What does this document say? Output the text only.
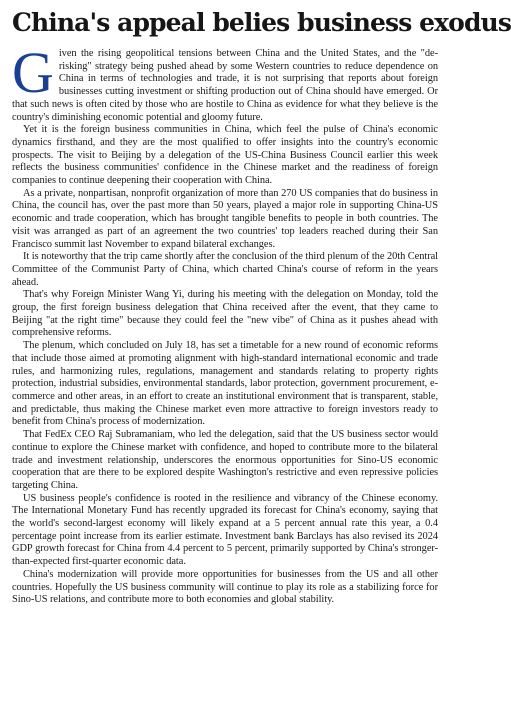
China's appeal belies business exodus

Given the rising geopolitical tensions between China and the United States, and the "de-risking" strategy being pushed ahead by some Western countries to reduce dependence on China in terms of technologies and trade, it is not surprising that reports about foreign businesses cutting investment or shifting production out of China should have emerged. Or that such news is often cited by those who are hostile to China as evidence for what they believe is the country's diminishing economic potential and gloomy future.

Yet it is the foreign business communities in China, which feel the pulse of China's economic dynamics firsthand, and they are the most qualified to offer insights into the country's economic prospects. The visit to Beijing by a delegation of the US-China Business Council earlier this week reflects the business communities' confidence in the Chinese market and the readiness of foreign companies to continue deepening their cooperation with China.

As a private, nonpartisan, nonprofit organization of more than 270 US companies that do business in China, the council has, over the past more than 50 years, played a major role in supporting China-US economic and trade cooperation, which has brought tangible benefits to people in both countries. The visit was arranged as part of an agreement the two countries' top leaders reached during their San Francisco summit last November to expand bilateral exchanges.

It is noteworthy that the trip came shortly after the conclusion of the third plenum of the 20th Central Committee of the Communist Party of China, which charted China's course of reform in the years ahead.

That's why Foreign Minister Wang Yi, during his meeting with the delegation on Monday, told the group, the first foreign business delegation that China received after the event, that they came to Beijing "at the right time" because they could feel the "new vibe" of China as it pushes ahead with comprehensive reforms.

The plenum, which concluded on July 18, has set a timetable for a new round of economic reforms that include those aimed at promoting alignment with high-standard international economic and trade rules, and harmonizing rules, regulations, management and standards relating to property rights protection, industrial subsidies, environmental standards, labor protection, government procurement, e-commerce and other areas, in an effort to create an institutional environment that is transparent, stable, and predictable, thus making the Chinese market even more attractive to foreign investors ready to benefit from China's process of modernization.

That FedEx CEO Raj Subramaniam, who led the delegation, said that the US business sector would continue to explore the Chinese market with confidence, and hoped to contribute more to the bilateral trade and investment relationship, underscores the enormous opportunities for Sino-US economic cooperation that are there to be explored despite Washington's restrictive and even repressive policies targeting China.

US business people's confidence is rooted in the resilience and vibrancy of the Chinese economy. The International Monetary Fund has recently upgraded its forecast for China's economy, saying that the world's second-largest economy will likely expand at a 5 percent annual rate this year, a 0.4 percentage point increase from its earlier estimate. Investment bank Barclays has also revised its 2024 GDP growth forecast for China from 4.4 percent to 5 percent, primarily supported by China's stronger-than-expected first-quarter economic data.

China's modernization will provide more opportunities for businesses from the US and all other countries. Hopefully the US business community will continue to play its role as a stabilizing force for Sino-US relations, and contribute more to both economies and global stability.
